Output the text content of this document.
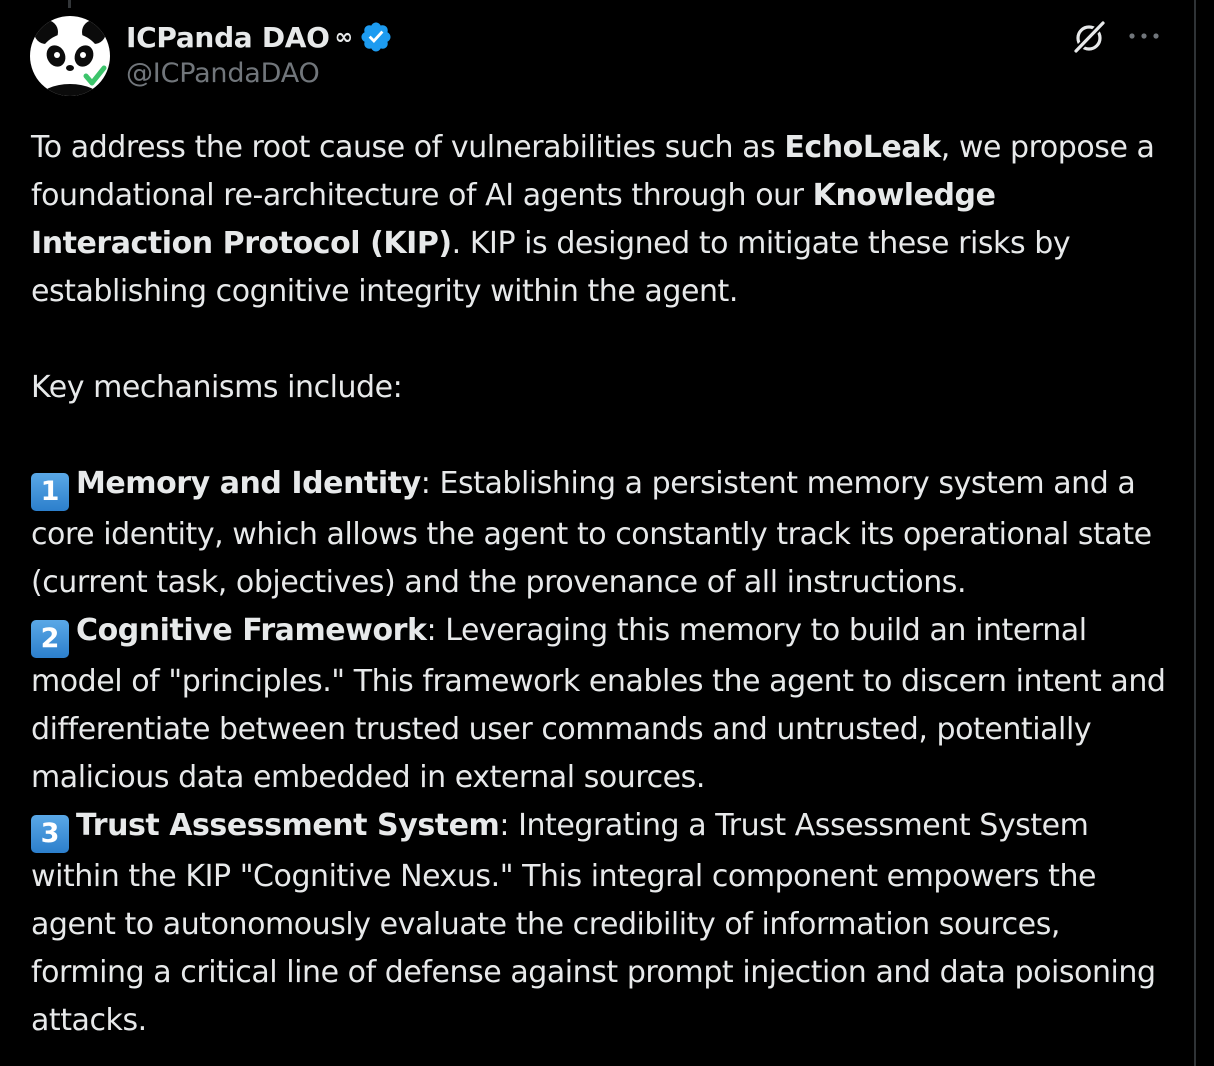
ICPanda DAO ∞
@ICPandaDAO

To address the root cause of vulnerabilities such as EchoLeak, we propose a foundational re-architecture of AI agents through our Knowledge Interaction Protocol (KIP). KIP is designed to mitigate these risks by establishing cognitive integrity within the agent.

Key mechanisms include:

1 Memory and Identity: Establishing a persistent memory system and a core identity, which allows the agent to constantly track its operational state (current task, objectives) and the provenance of all instructions.

2 Cognitive Framework: Leveraging this memory to build an internal model of "principles." This framework enables the agent to discern intent and differentiate between trusted user commands and untrusted, potentially malicious data embedded in external sources.

3 Trust Assessment System: Integrating a Trust Assessment System within the KIP "Cognitive Nexus." This integral component empowers the agent to autonomously evaluate the credibility of information sources, forming a critical line of defense against prompt injection and data poisoning attacks.
